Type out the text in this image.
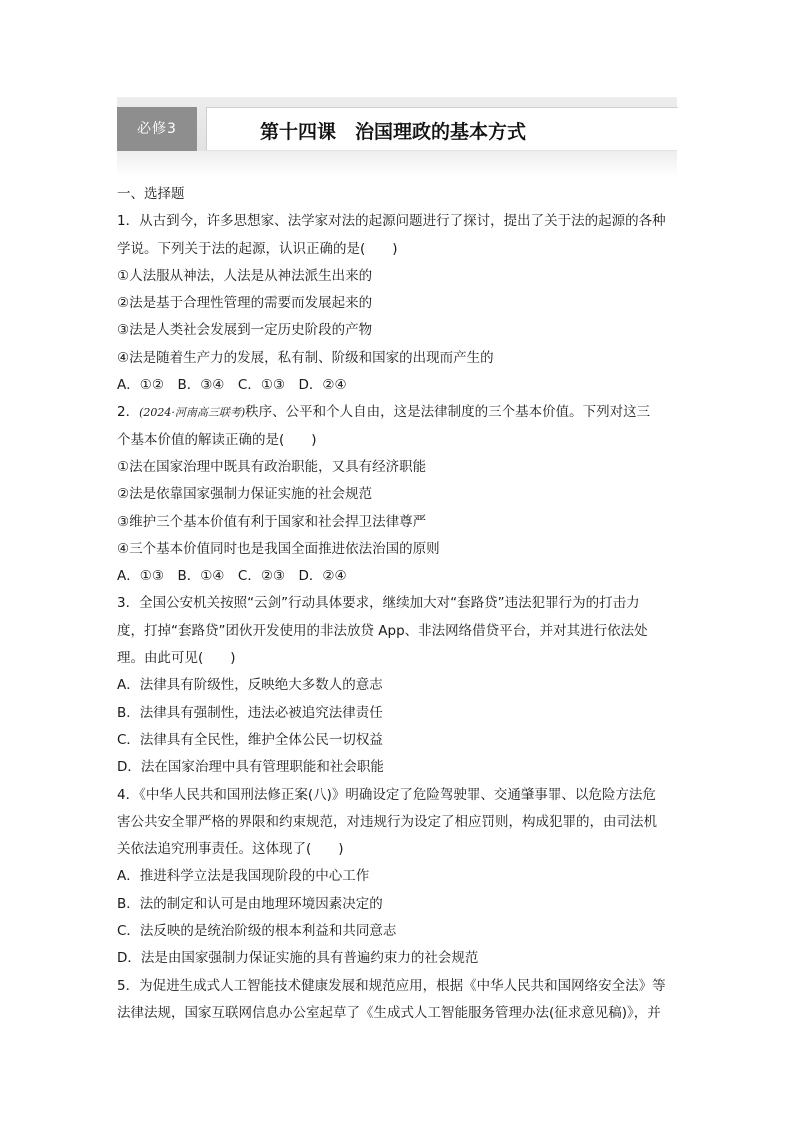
必修3	第十四课　治国理政的基本方式
一、选择题
1．从古到今，许多思想家、法学家对法的起源问题进行了探讨，提出了关于法的起源的各种
学说。下列关于法的起源，认识正确的是(　　)
①人法服从神法，人法是从神法派生出来的
②法是基于合理性管理的需要而发展起来的
③法是人类社会发展到一定历史阶段的产物
④法是随着生产力的发展，私有制、阶级和国家的出现而产生的
A．①②　B．③④　C．①③　D．②④
2．(2024·河南高三联考)秩序、公平和个人自由，这是法律制度的三个基本价值。下列对这三
个基本价值的解读正确的是(　　)
①法在国家治理中既具有政治职能，又具有经济职能
②法是依靠国家强制力保证实施的社会规范
③维护三个基本价值有利于国家和社会捍卫法律尊严
④三个基本价值同时也是我国全面推进依法治国的原则
A．①③　B．①④　C．②③　D．②④
3．全国公安机关按照“云剑”行动具体要求，继续加大对“套路贷”违法犯罪行为的打击力
度，打掉“套路贷”团伙开发使用的非法放贷 App、非法网络借贷平台，并对其进行依法处
理。由此可见(　　)
A．法律具有阶级性，反映绝大多数人的意志
B．法律具有强制性，违法必被追究法律责任
C．法律具有全民性，维护全体公民一切权益
D．法在国家治理中具有管理职能和社会职能
4．《中华人民共和国刑法修正案(八)》明确设定了危险驾驶罪、交通肇事罪、以危险方法危
害公共安全罪严格的界限和约束规范，对违规行为设定了相应罚则，构成犯罪的，由司法机
关依法追究刑事责任。这体现了(　　)
A．推进科学立法是我国现阶段的中心工作
B．法的制定和认可是由地理环境因素决定的
C．法反映的是统治阶级的根本利益和共同意志
D．法是由国家强制力保证实施的具有普遍约束力的社会规范
5．为促进生成式人工智能技术健康发展和规范应用，根据《中华人民共和国网络安全法》等
法律法规，国家互联网信息办公室起草了《生成式人工智能服务管理办法(征求意见稿)》，并
